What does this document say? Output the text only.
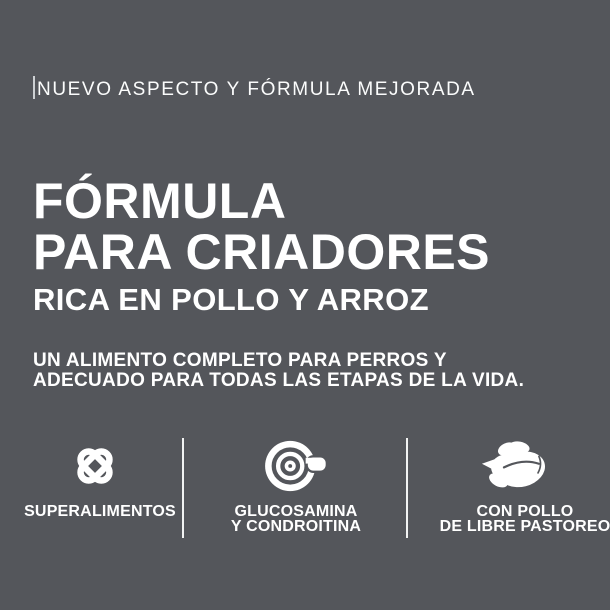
NUEVO ASPECTO Y FÓRMULA MEJORADA
FÓRMULA
PARA CRIADORES
RICA EN POLLO Y ARROZ
UN ALIMENTO COMPLETO PARA PERROS Y
ADECUADO PARA TODAS LAS ETAPAS DE LA VIDA.
SUPERALIMENTOS	GLUCOSAMINA
Y CONDROITINA
CON POLLO
DE LIBRE PASTOREO
